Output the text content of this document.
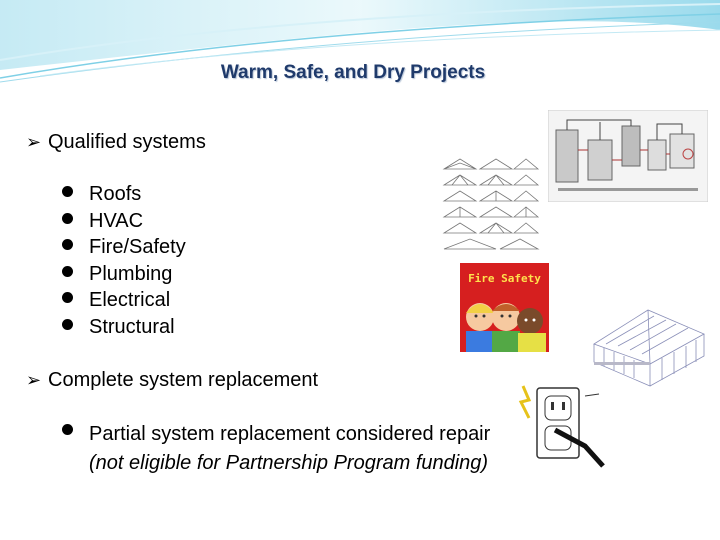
Warm, Safe, and Dry Projects
➢ Qualified systems
Roofs
HVAC
Fire/Safety
Plumbing
Electrical
Structural
➢ Complete system replacement
Partial system replacement considered repair (not eligible for Partnership Program funding)
Fire Safety
